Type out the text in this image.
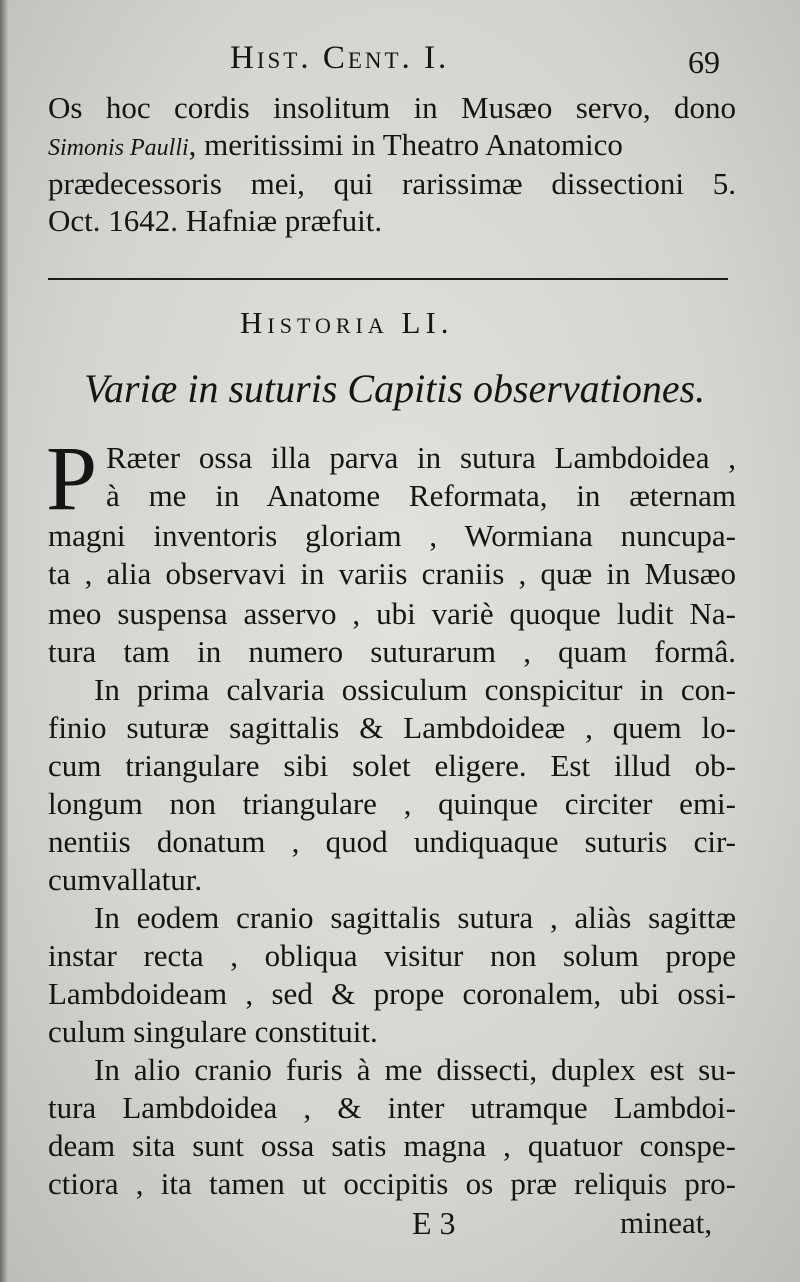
Hist. Cent. I.	69
Os hoc cordis insolitum in Musæo servo, dono
Simonis Paulli, meritissimi in Theatro Anatomico
prædecessoris mei, qui rarissimæ dissectioni 5.
Oct. 1642. Hafniæ præfuit.
Historia LI.
Variæ in suturis Capitis observationes.
P Ræter ossa illa parva in sutura Lambdoidea ,
à me in Anatome Reformata, in æternam
magni inventoris gloriam , Wormiana nuncupa-
ta , alia observavi in variis craniis , quæ in Musæo
meo suspensa asservo , ubi variè quoque ludit Na-
tura tam in numero suturarum , quam formâ.
In prima calvaria ossiculum conspicitur in con-
finio suturæ sagittalis & Lambdoideæ , quem lo-
cum triangulare sibi solet eligere. Est illud ob-
longum non triangulare , quinque circiter emi-
nentiis donatum , quod undiquaque suturis cir-
cumvallatur.
In eodem cranio sagittalis sutura , aliàs sagittæ
instar recta , obliqua visitur non solum prope
Lambdoideam , sed & prope coronalem, ubi ossi-
culum singulare constituit.
In alio cranio furis à me dissecti, duplex est su-
tura Lambdoidea , & inter utramque Lambdoi-
deam sita sunt ossa satis magna , quatuor conspe-
ctiora , ita tamen ut occipitis os præ reliquis pro-
E 3	mineat,
